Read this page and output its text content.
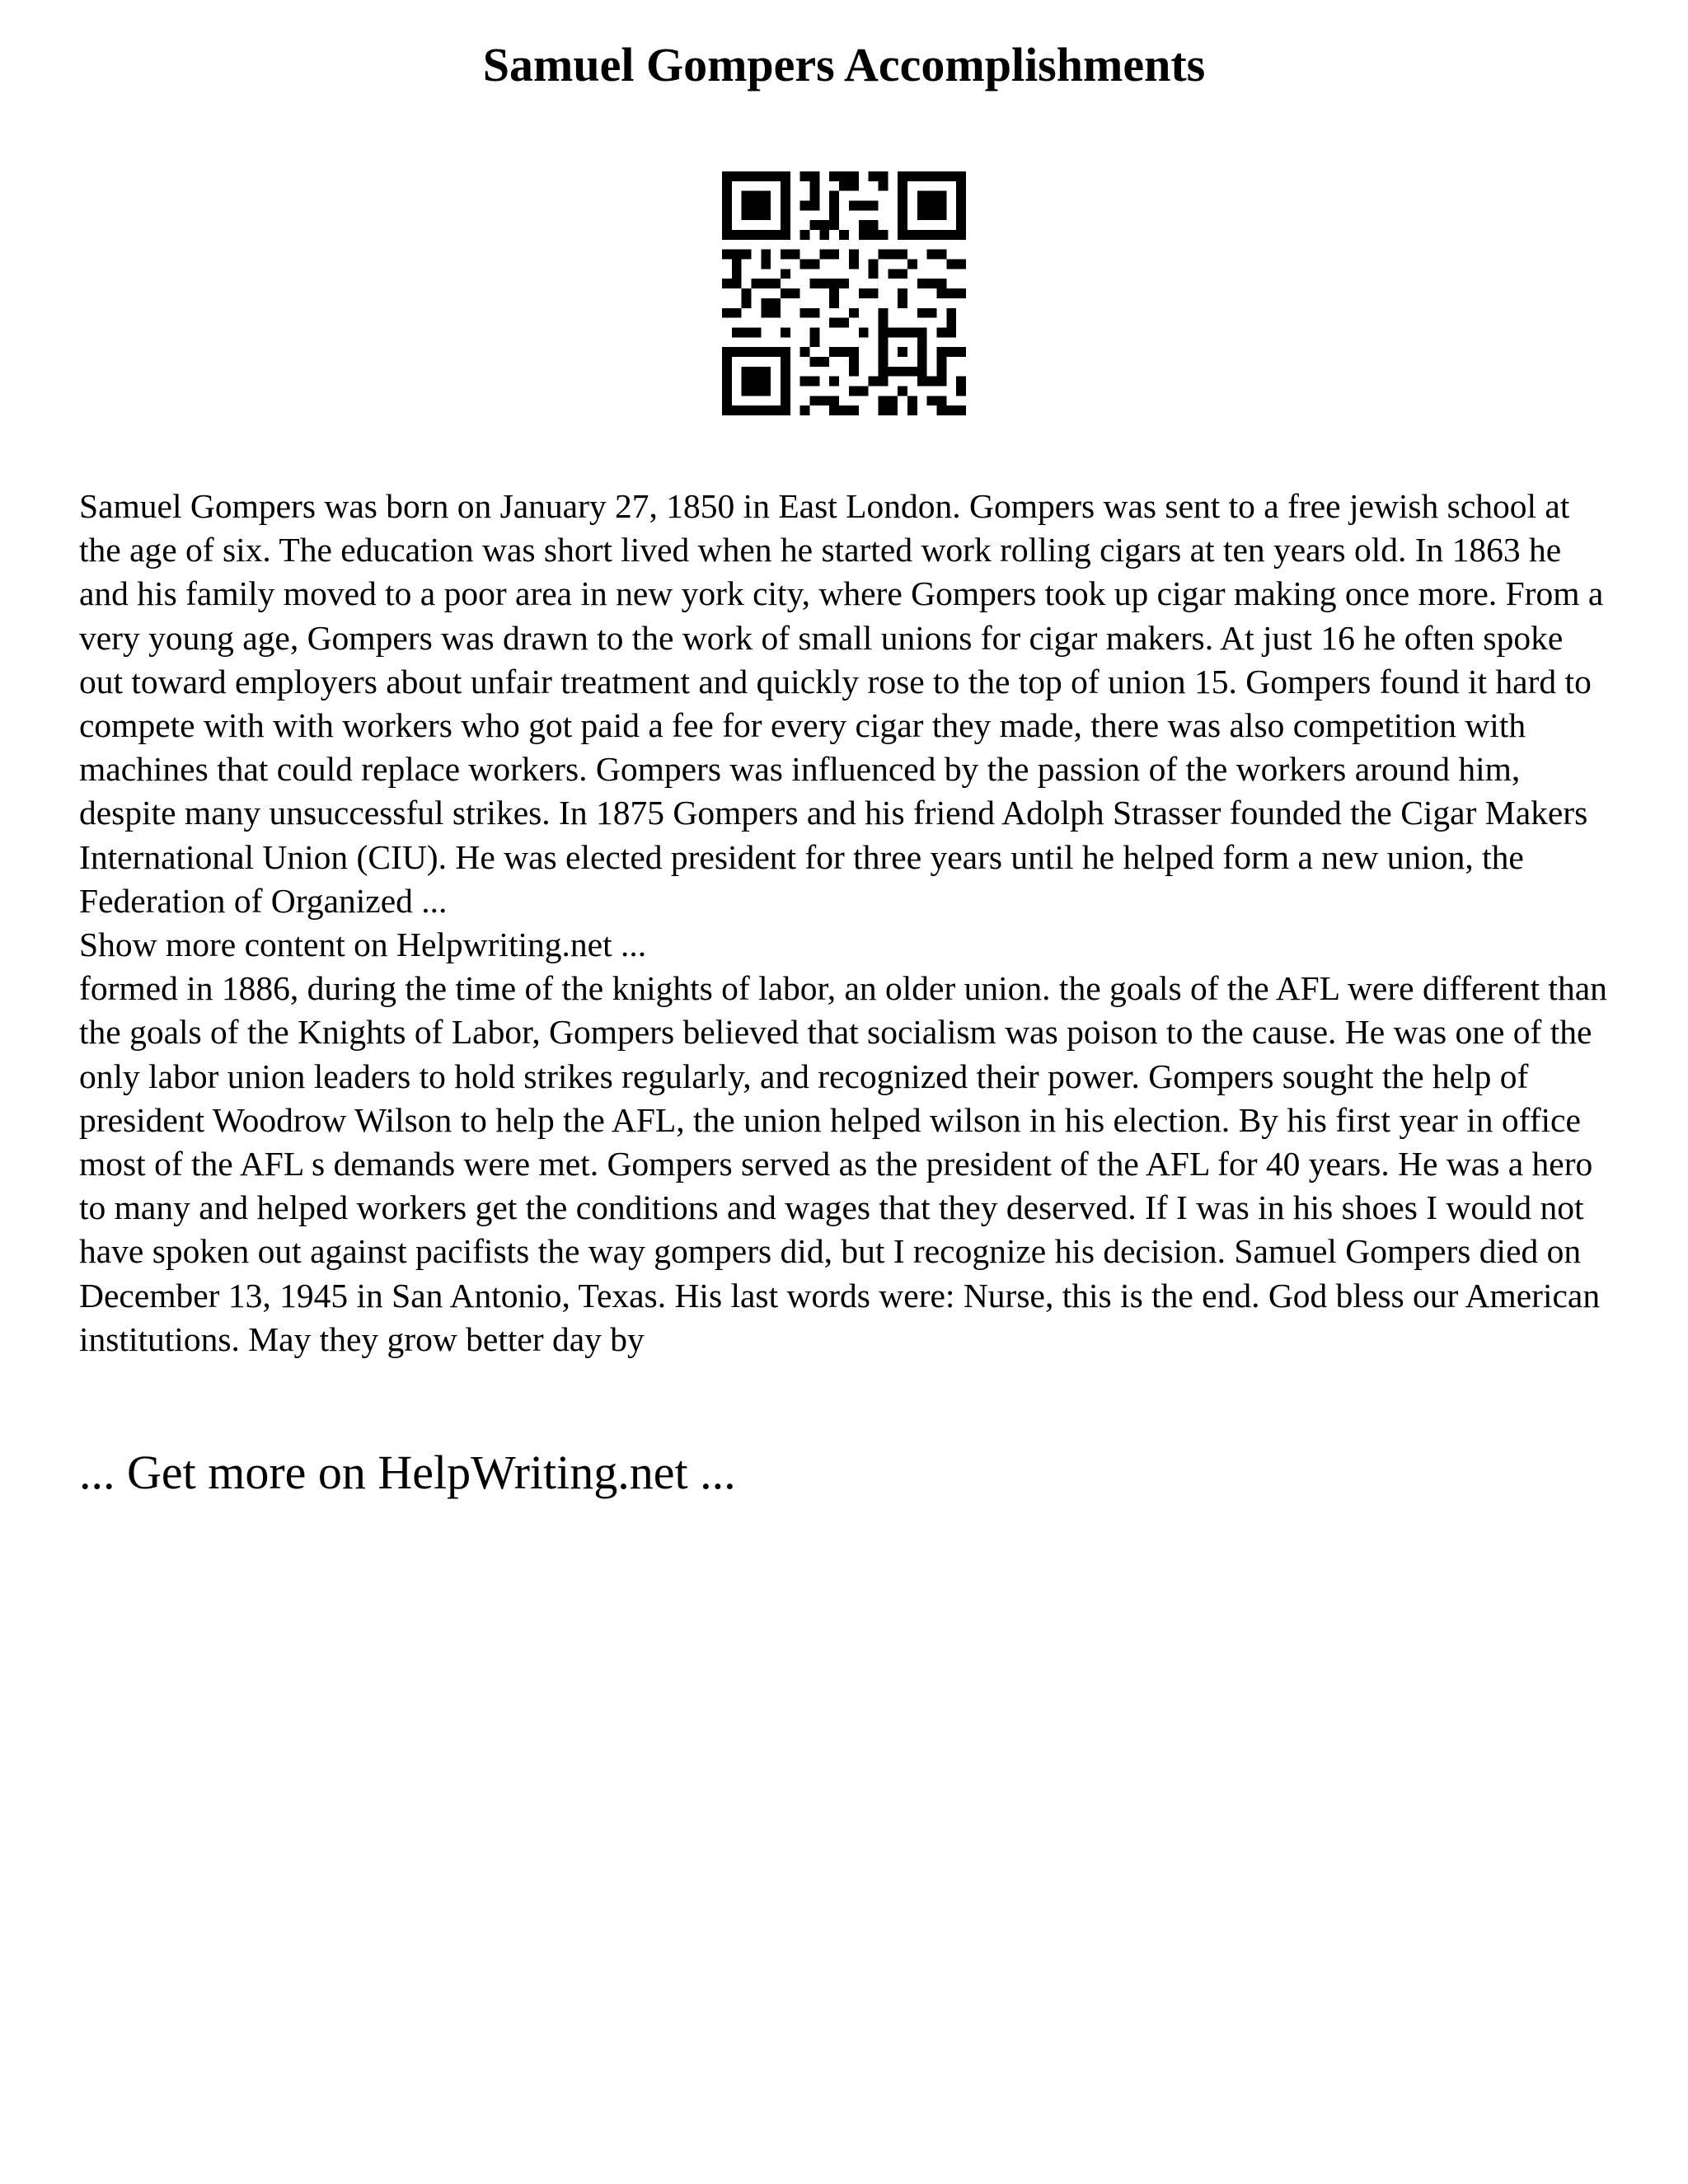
Samuel Gompers Accomplishments

Samuel Gompers was born on January 27, 1850 in East London. Gompers was sent to a free jewish school at the age of six. The education was short lived when he started work rolling cigars at ten years old. In 1863 he and his family moved to a poor area in new york city, where Gompers took up cigar making once more. From a very young age, Gompers was drawn to the work of small unions for cigar makers. At just 16 he often spoke out toward employers about unfair treatment and quickly rose to the top of union 15. Gompers found it hard to compete with with workers who got paid a fee for every cigar they made, there was also competition with machines that could replace workers. Gompers was influenced by the passion of the workers around him, despite many unsuccessful strikes. In 1875 Gompers and his friend Adolph Strasser founded the Cigar Makers International Union (CIU). He was elected president for three years until he helped form a new union, the Federation of Organized ...

Show more content on Helpwriting.net ...

formed in 1886, during the time of the knights of labor, an older union. the goals of the AFL were different than the goals of the Knights of Labor, Gompers believed that socialism was poison to the cause. He was one of the only labor union leaders to hold strikes regularly, and recognized their power. Gompers sought the help of president Woodrow Wilson to help the AFL, the union helped wilson in his election. By his first year in office most of the AFL s demands were met. Gompers served as the president of the AFL for 40 years. He was a hero to many and helped workers get the conditions and wages that they deserved. If I was in his shoes I would not have spoken out against pacifists the way gompers did, but I recognize his decision. Samuel Gompers died on December 13, 1945 in San Antonio, Texas. His last words were: Nurse, this is the end. God bless our American institutions. May they grow better day by

... Get more on HelpWriting.net ...
